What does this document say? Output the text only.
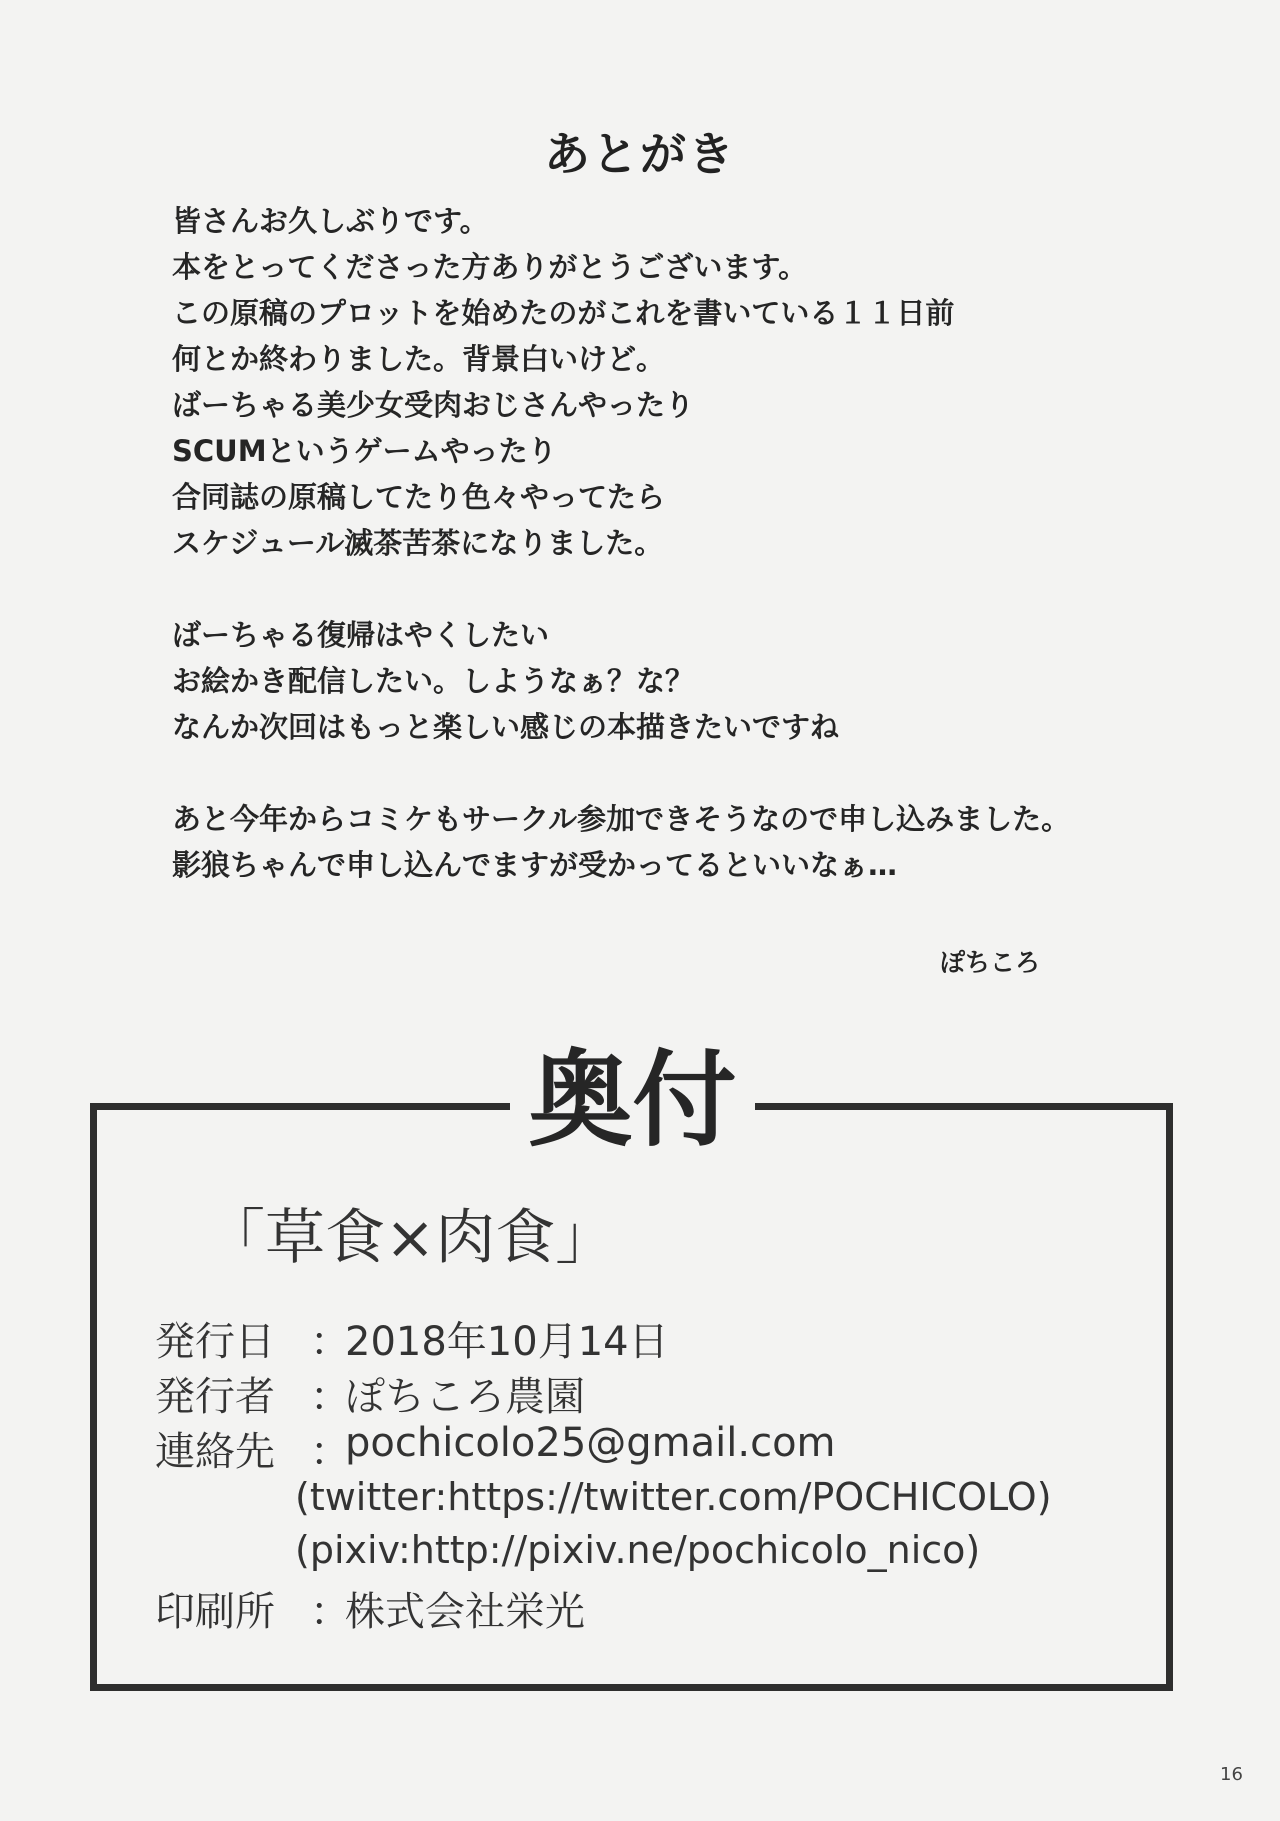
あとがき
皆さんお久しぶりです。
本をとってくださった方ありがとうございます。
この原稿のプロットを始めたのがこれを書いている１１日前
何とか終わりました。背景白いけど。
ばーちゃる美少女受肉おじさんやったり
SCUMというゲームやったり
合同誌の原稿してたり色々やってたら
スケジュール滅茶苦茶になりました。
ばーちゃる復帰はやくしたい
お絵かき配信したい。しようなぁ？な？
なんか次回はもっと楽しい感じの本描きたいですね
あと今年からコミケもサークル参加できそうなので申し込みました。
影狼ちゃんで申し込んでますが受かってるといいなぁ…
ぽちころ
奥付
「草食×肉食」
発行日 ：
2018年10月14日
発行者 ：
ぽちころ農園
連絡先 ：
pochicolo25@gmail.com
(twitter:https://twitter.com/POCHICOLO)
(pixiv:http://pixiv.ne/pochicolo_nico)
印刷所 ：
株式会社栄光
16
